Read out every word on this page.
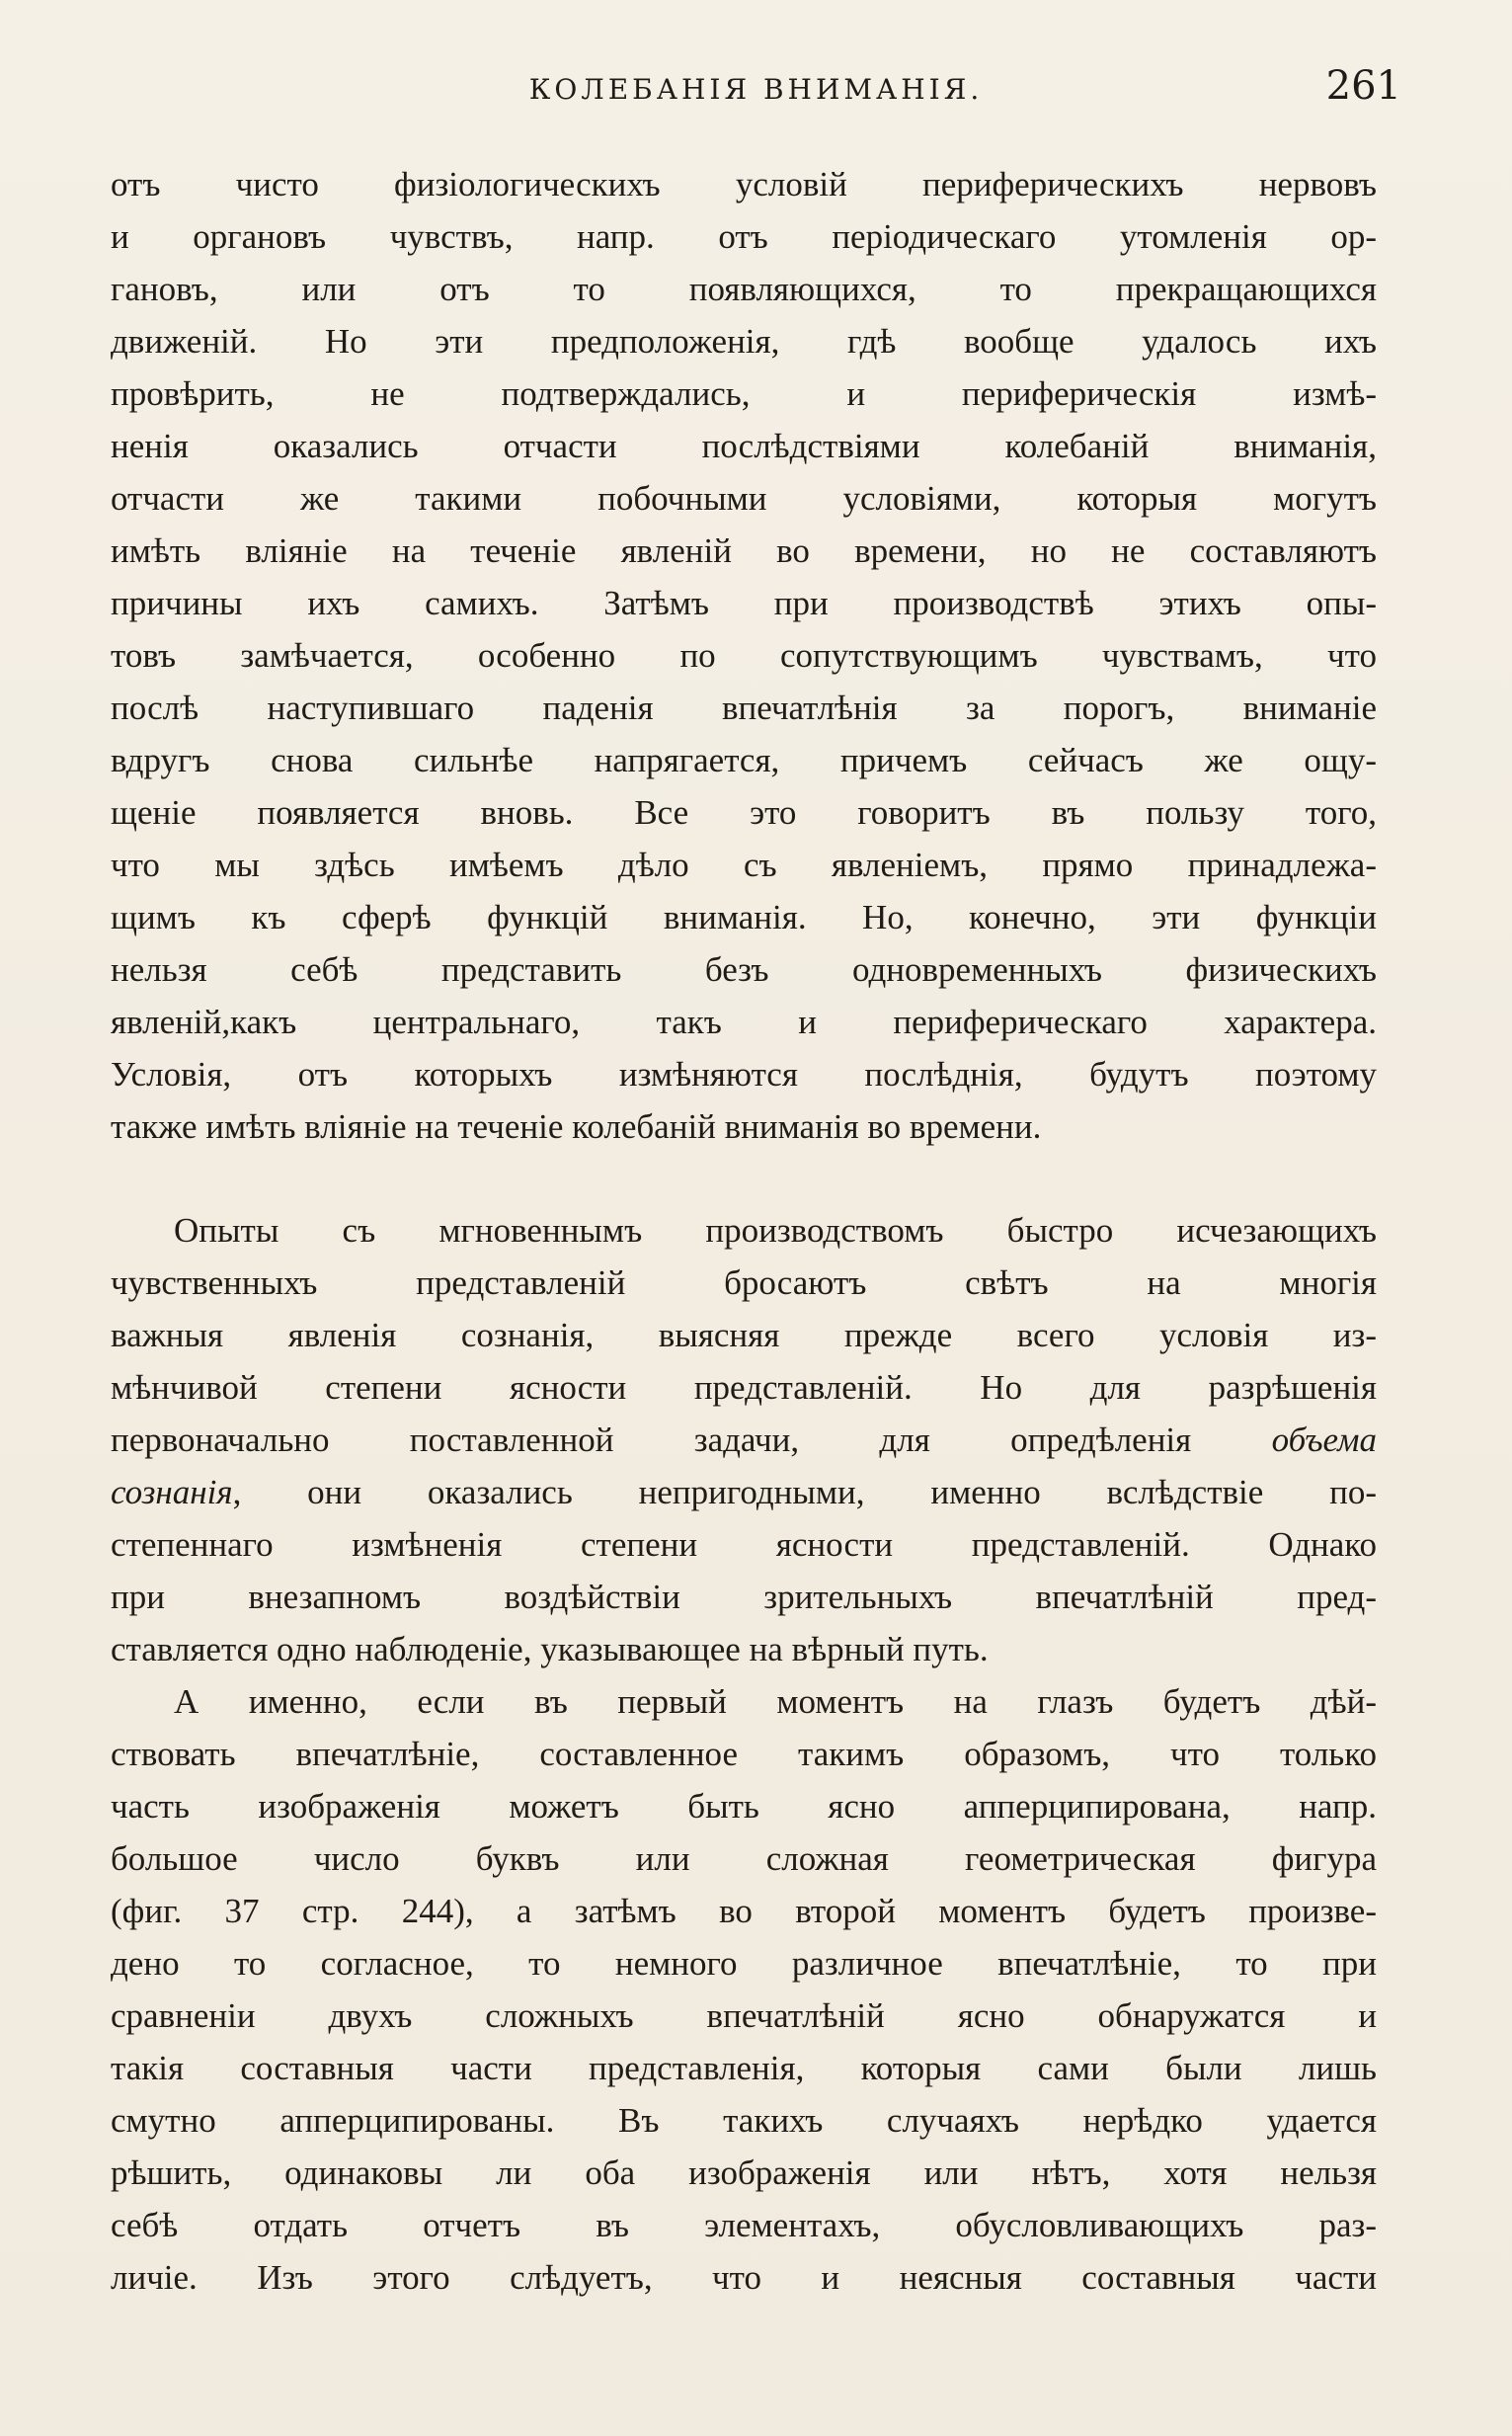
КОЛЕБАНІЯ ВНИМАНІЯ.	261

отъ чисто физіологическихъ условій периферическихъ нервовъ
и органовъ чувствъ, напр. отъ періодическаго утомленія ор-
гановъ, или отъ то появляющихся, то прекращающихся
движеній. Но эти предположенія, гдѣ вообще удалось ихъ
провѣрить, не подтверждались, и периферическія измѣ-
ненія оказались отчасти послѣдствіями колебаній вниманія,
отчасти же такими побочными условіями, которыя могутъ
имѣть вліяніе на теченіе явленій во времени, но не составляютъ
причины ихъ самихъ. Затѣмъ при производствѣ этихъ опы-
товъ замѣчается, особенно по сопутствующимъ чувствамъ, что
послѣ наступившаго паденія впечатлѣнія за порогъ, вниманіе
вдругъ снова сильнѣе напрягается, причемъ сейчасъ же ощу-
щеніе появляется вновь. Все это говоритъ въ пользу того,
что мы здѣсь имѣемъ дѣло съ явленіемъ, прямо принадлежа-
щимъ къ сферѣ функцій вниманія. Но, конечно, эти функціи
нельзя себѣ представить безъ одновременныхъ физическихъ
явленій,какъ центральнаго, такъ и периферическаго характера.
Условія, отъ которыхъ измѣняются послѣднія, будутъ поэтому
также имѣть вліяніе на теченіе колебаній вниманія во времени.

Опыты съ мгновеннымъ производствомъ быстро исчезающихъ
чувственныхъ представленій бросаютъ свѣтъ на многія
важныя явленія сознанія, выясняя прежде всего условія из-
мѣнчивой степени ясности представленій. Но для разрѣшенія
первоначально поставленной задачи, для опредѣленія объема
сознанія, они оказались непригодными, именно вслѣдствіе по-
степеннаго измѣненія степени ясности представленій. Однако
при внезапномъ воздѣйствіи зрительныхъ впечатлѣній пред-
ставляется одно наблюденіе, указывающее на вѣрный путь.

А именно, если въ первый моментъ на глазъ будетъ дѣй-
ствовать впечатлѣніе, составленное такимъ образомъ, что только
часть изображенія можетъ быть ясно апперципирована, напр.
большое число буквъ или сложная геометрическая фигура
(фиг. 37 стр. 244), а затѣмъ во второй моментъ будетъ произве-
дено то согласное, то немного различное впечатлѣніе, то при
сравненіи двухъ сложныхъ впечатлѣній ясно обнаружатся и
такія составныя части представленія, которыя сами были лишь
смутно апперципированы. Въ такихъ случаяхъ нерѣдко удается
рѣшить, одинаковы ли оба изображенія или нѣтъ, хотя нельзя
себѣ отдать отчетъ въ элементахъ, обусловливающихъ раз-
личіе. Изъ этого слѣдуетъ, что и неясныя составныя части
